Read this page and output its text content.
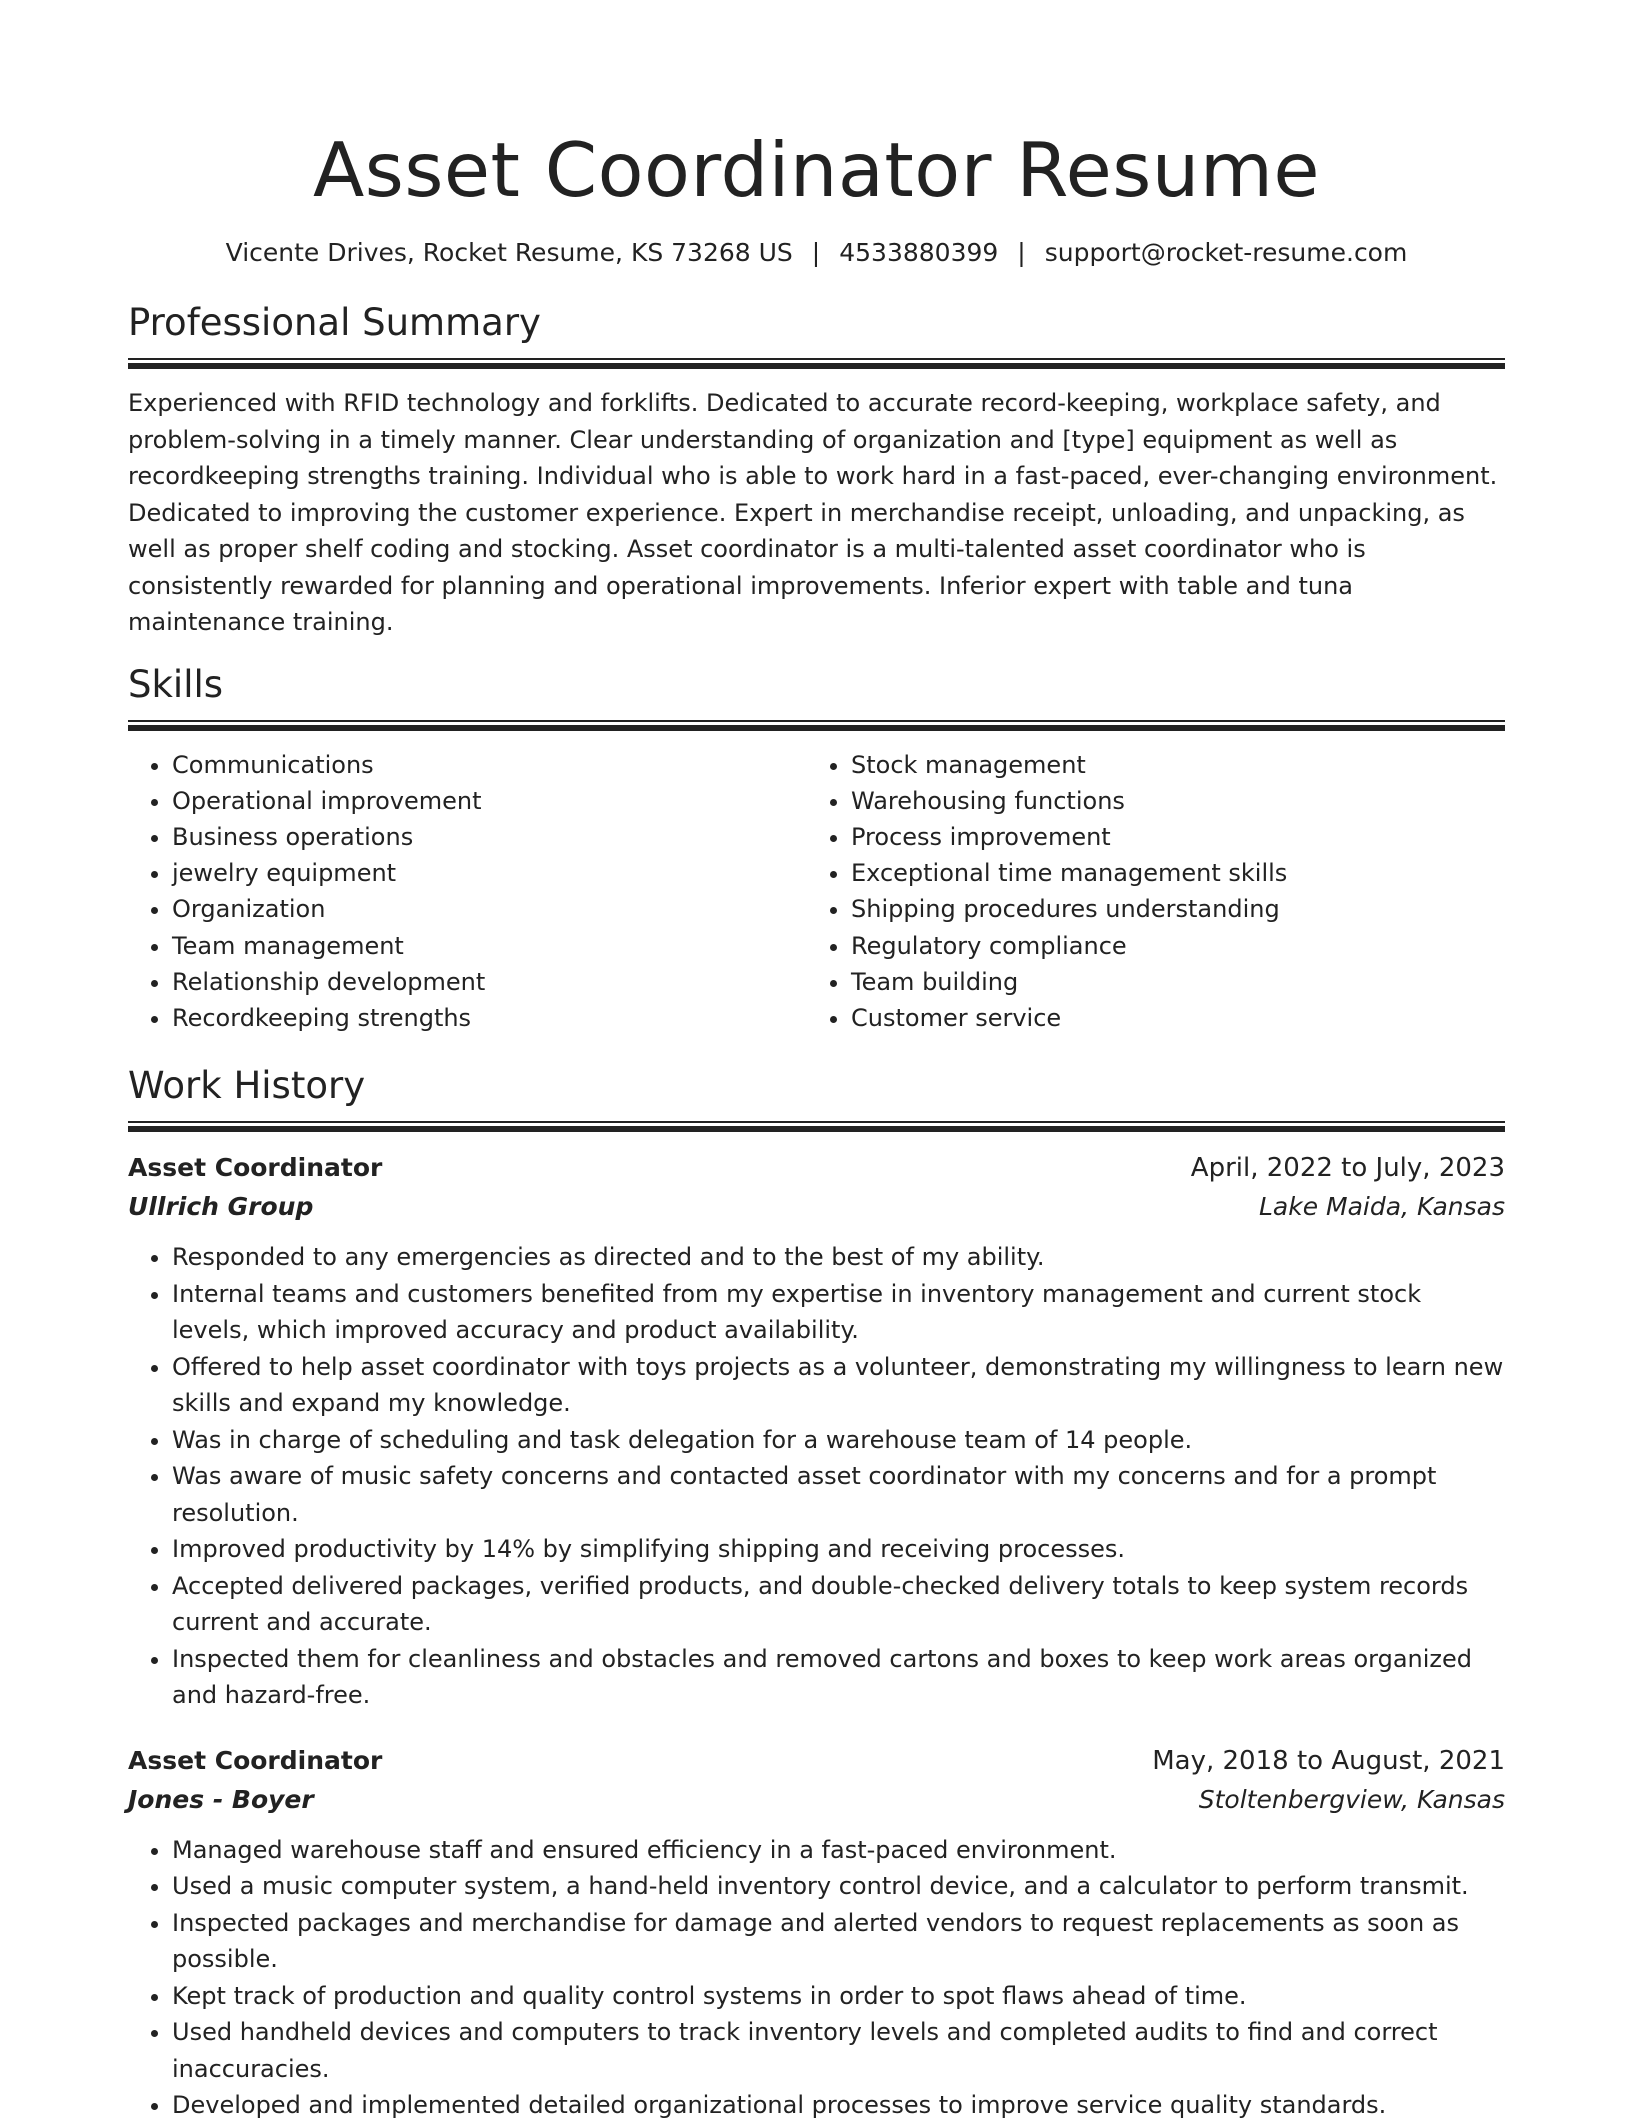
Asset Coordinator Resume
Vicente Drives, Rocket Resume, KS 73268 US | 4533880399 | support@rocket-resume.com
Professional Summary

Experienced with RFID technology and forklifts. Dedicated to accurate record-keeping, workplace safety, and problem-solving in a timely manner. Clear understanding of organization and [type] equipment as well as recordkeeping strengths training. Individual who is able to work hard in a fast-paced, ever-changing environment. Dedicated to improving the customer experience. Expert in merchandise receipt, unloading, and unpacking, as well as proper shelf coding and stocking. Asset coordinator is a multi-talented asset coordinator who is consistently rewarded for planning and operational improvements. Inferior expert with table and tuna maintenance training.

Skills
• Communications
• Operational improvement
• Business operations
• jewelry equipment
• Organization
• Team management
• Relationship development
• Recordkeeping strengths
• Stock management
• Warehousing functions
• Process improvement
• Exceptional time management skills
• Shipping procedures understanding
• Regulatory compliance
• Team building
• Customer service
Work History
Asset Coordinator	April, 2022 to July, 2023
Ullrich Group	Lake Maida, Kansas
• Responded to any emergencies as directed and to the best of my ability.
• Internal teams and customers benefited from my expertise in inventory management and current stock levels, which improved accuracy and product availability.
• Offered to help asset coordinator with toys projects as a volunteer, demonstrating my willingness to learn new skills and expand my knowledge.
• Was in charge of scheduling and task delegation for a warehouse team of 14 people.
• Was aware of music safety concerns and contacted asset coordinator with my concerns and for a prompt resolution.
• Improved productivity by 14% by simplifying shipping and receiving processes.
• Accepted delivered packages, verified products, and double-checked delivery totals to keep system records current and accurate.
• Inspected them for cleanliness and obstacles and removed cartons and boxes to keep work areas organized and hazard-free.
Asset Coordinator	May, 2018 to August, 2021
Jones - Boyer	Stoltenbergview, Kansas
• Managed warehouse staff and ensured efficiency in a fast-paced environment.
• Used a music computer system, a hand-held inventory control device, and a calculator to perform transmit.
• Inspected packages and merchandise for damage and alerted vendors to request replacements as soon as possible.
• Kept track of production and quality control systems in order to spot flaws ahead of time.
• Used handheld devices and computers to track inventory levels and completed audits to find and correct inaccuracies.
• Developed and implemented detailed organizational processes to improve service quality standards.
